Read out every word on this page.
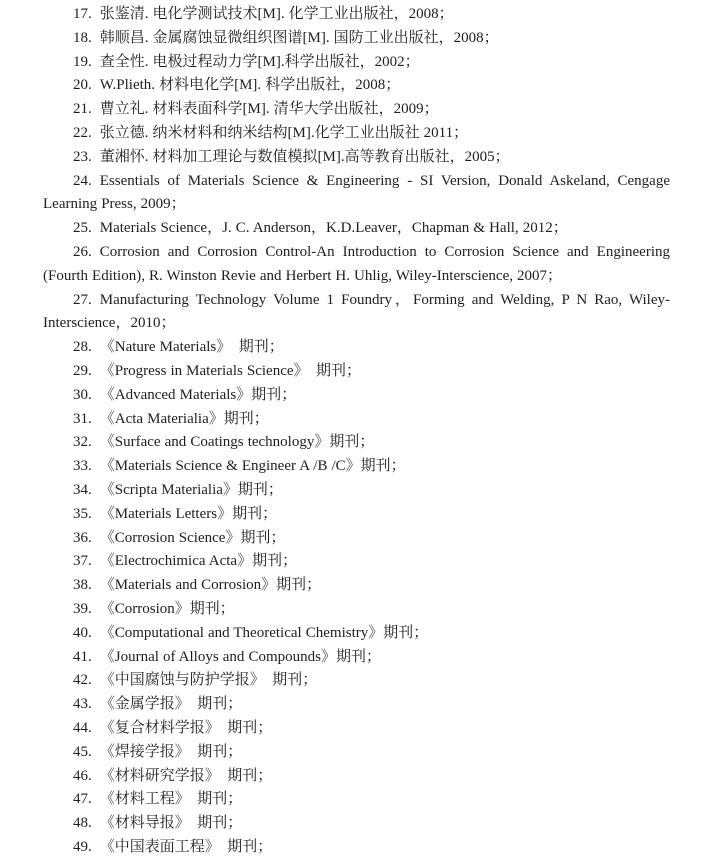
17. 张鉴清. 电化学测试技术[M]. 化学工业出版社，2008；

18. 韩顺昌. 金属腐蚀显微组织图谱[M]. 国防工业出版社，2008；

19. 查全性. 电极过程动力学[M].科学出版社，2002；

20. W.Plieth. 材料电化学[M]. 科学出版社，2008；

21. 曹立礼. 材料表面科学[M]. 清华大学出版社，2009；

22. 张立德. 纳米材料和纳米结构[M].化学工业出版社 2011；

23. 董湘怀. 材料加工理论与数值模拟[M].高等教育出版社，2005；

24. Essentials of Materials Science & Engineering - SI Version, Donald Askeland, Cengage Learning Press, 2009；

25. Materials Science，J. C. Anderson，K.D.Leaver，Chapman & Hall, 2012；

26. Corrosion and Corrosion Control-An Introduction to Corrosion Science and Engineering (Fourth Edition), R. Winston Revie and Herbert H. Uhlig, Wiley-Interscience, 2007；

27. Manufacturing Technology Volume 1 Foundry，Forming and Welding, P N Rao, Wiley-Interscience，2010；

28. 《Nature Materials》　期刊；

29. 《Progress in Materials Science》　期刊；

30. 《Advanced Materials》期刊；

31. 《Acta Materialia》期刊；

32. 《Surface and Coatings technology》期刊；

33. 《Materials Science & Engineer A /B /C》期刊；

34. 《Scripta Materialia》期刊；

35. 《Materials Letters》期刊；

36. 《Corrosion Science》期刊；

37. 《Electrochimica Acta》期刊；

38. 《Materials and Corrosion》期刊；

39. 《Corrosion》期刊；

40. 《Computational and Theoretical Chemistry》期刊；

41. 《Journal of Alloys and Compounds》期刊；

42. 《中国腐蚀与防护学报》　期刊；

43. 《金属学报》　期刊；

44. 《复合材料学报》　期刊；

45. 《焊接学报》　期刊；

46. 《材料研究学报》　期刊；

47. 《材料工程》　期刊；

48. 《材料导报》　期刊；

49. 《中国表面工程》　期刊；
